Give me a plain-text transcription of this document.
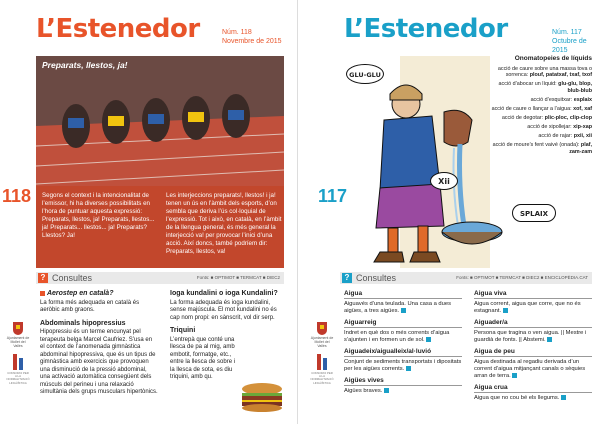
L’Estenedor	Núm. 118
Novembre de 2015
118
Preparats, llestos, ja!
Segons el context i la intencionalitat de l’emissor, hi ha diverses possibilitats en l’hora de puntuar aquesta expressió: Preparats, llestos, ja! Preparats, llestos... ja! Preparats... llestos... ja! Preparats? Llestos? Ja!
Les interjeccions preparats!, llestos! i ja! tenen un ús en l’àmbit dels esports, d’on sembla que deriva l’ús col·loquial de l’expressió. Tot i això, en català, en l’àmbit de la llengua general, és més general la interjecció va! per provocar l’inici d’una acció. Així doncs, també podríem dir: Preparats, llestos, va!
? Consultes	Fonts: ■ OPTIMOT ■ TERMCAT ■ DIEC2
Ajuntament de Mollet del Vallès
CONSORCI PER A LA NORMALITZACIÓ LINGÜÍSTICA
Aerostep en català?
La forma més adequada en català és aeròbic amb graons.
Abdominals hipopressius
Hipopressiu és un terme encunyat pel terapeuta belga Marcel Caufriez. S’usa en el context de l’anomenada gimnàstica abdominal hipopressiva, que és un tipus de gimnàstica amb exercicis que provoquen una disminució de la pressió abdominal, una activació automàtica consegüent dels músculs del perineu i una relaxació simultània dels grups musculars hipertònics.
Ioga kundalini o ioga Kundalini?
La forma adequada és ioga kundalini, sense majúscula. El mot kundalini no és cap nom propi: en sànscrit, vol dir serp.
Triquini
L’entrepà que conté una llesca de pa al mig, amb embotit, formatge, etc., entre la llesca de sobre i la llesca de sota, es diu triquini, amb qu.
L’Estenedor	Núm. 117
Octubre de 2015
117
GLU-GLU
Xii
SPLAIX
Onomatopeies de líquids
acció de caure sobre una massa tova o sorrenca: plouf, patatxaf, txaf, txof
acció d’abocar un líquid: glu-glu, blop, blub-blub
acció d’esquitxar: esplaix
acció de caure o llançar a l’aigua: xof, xaf
acció de degotar: plic-ploc, clip-clop
acció de xipollejar: xip-xap
acció de rajar: pxii, xii
acció de moure’s fent vaivé (onada): plaf, zam-zam
? Consultes	Fonts: ■ OPTIMOT ■ TERMCAT ■ DIEC2 ■ ENCICLOPÈDIA.CAT
Ajuntament de Mollet del Vallès
CONSORCI PER A LA NORMALITZACIÓ LINGÜÍSTICA
Aigua
Aiguavés d’una teulada. Una casa a dues aigües, a tres aigües.
Aiguarreig
Indret en què dos o més corrents d’aigua s’ajunten i en formen un de sol.
Aiguadeix/aigualleix/al·luvió
Conjunt de sediments transportats i dipositats per les aigües corrents.
Aigües vives
Aigües braves.
Aigua viva
Aigua corrent, aigua que corre, que no és estagnant.
Aiguader/a
Persona que tragina o ven aigua. || Mestre i guardià de fonts. || Abstemi.
Aigua de peu
Aigua destinada al regadiu derivada d’un corrent d’aigua mitjançant canals o sèquies arran de terra.
Aigua crua
Aigua que no cou bé els llegums.
